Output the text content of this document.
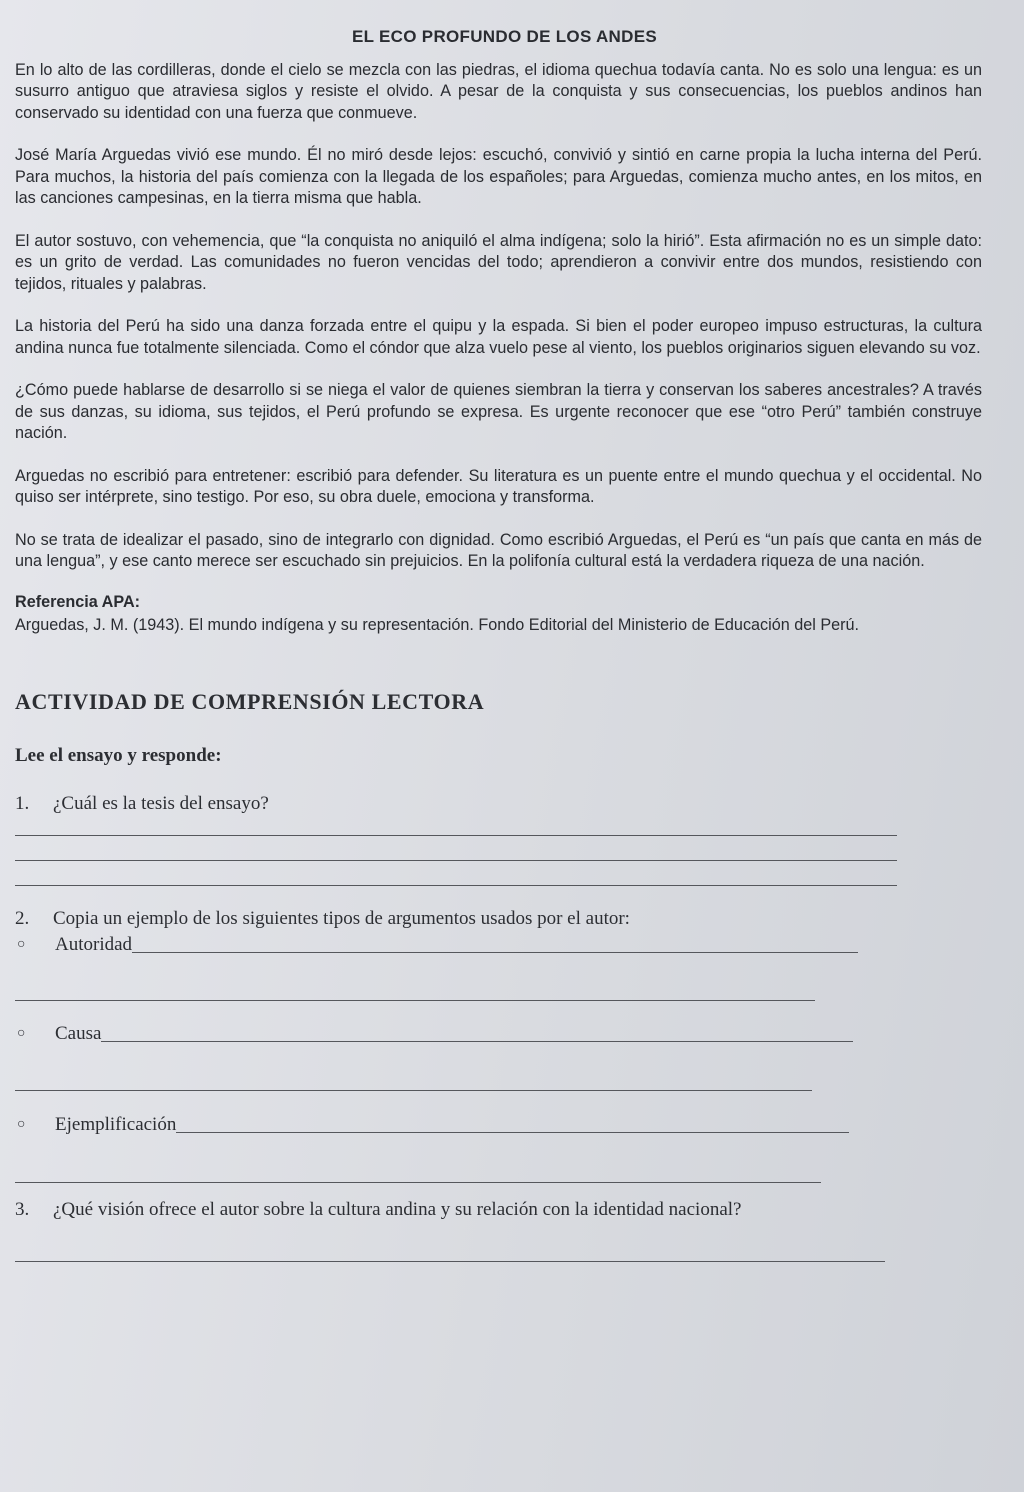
EL ECO PROFUNDO DE LOS ANDES

En lo alto de las cordilleras, donde el cielo se mezcla con las piedras, el idioma quechua todavía canta. No es solo una lengua: es un susurro antiguo que atraviesa siglos y resiste el olvido. A pesar de la conquista y sus consecuencias, los pueblos andinos han conservado su identidad con una fuerza que conmueve.

José María Arguedas vivió ese mundo. Él no miró desde lejos: escuchó, convivió y sintió en carne propia la lucha interna del Perú. Para muchos, la historia del país comienza con la llegada de los españoles; para Arguedas, comienza mucho antes, en los mitos, en las canciones campesinas, en la tierra misma que habla.

El autor sostuvo, con vehemencia, que “la conquista no aniquiló el alma indígena; solo la hirió”. Esta afirmación no es un simple dato: es un grito de verdad. Las comunidades no fueron vencidas del todo; aprendieron a convivir entre dos mundos, resistiendo con tejidos, rituales y palabras.

La historia del Perú ha sido una danza forzada entre el quipu y la espada. Si bien el poder europeo impuso estructuras, la cultura andina nunca fue totalmente silenciada. Como el cóndor que alza vuelo pese al viento, los pueblos originarios siguen elevando su voz.

¿Cómo puede hablarse de desarrollo si se niega el valor de quienes siembran la tierra y conservan los saberes ancestrales? A través de sus danzas, su idioma, sus tejidos, el Perú profundo se expresa. Es urgente reconocer que ese “otro Perú” también construye nación.

Arguedas no escribió para entretener: escribió para defender. Su literatura es un puente entre el mundo quechua y el occidental. No quiso ser intérprete, sino testigo. Por eso, su obra duele, emociona y transforma.

No se trata de idealizar el pasado, sino de integrarlo con dignidad. Como escribió Arguedas, el Perú es “un país que canta en más de una lengua”, y ese canto merece ser escuchado sin prejuicios. En la polifonía cultural está la verdadera riqueza de una nación.

Referencia APA:
Arguedas, J. M. (1943). El mundo indígena y su representación. Fondo Editorial del Ministerio de Educación del Perú.
ACTIVIDAD DE COMPRENSIÓN LECTORA
Lee el ensayo y responde:
1.	¿Cuál es la tesis del ensayo?
2.	Copia un ejemplo de los siguientes tipos de argumentos usados por el autor:
○	Autoridad
○	Causa
○	Ejemplificación
3.	¿Qué visión ofrece el autor sobre la cultura andina y su relación con la identidad nacional?
